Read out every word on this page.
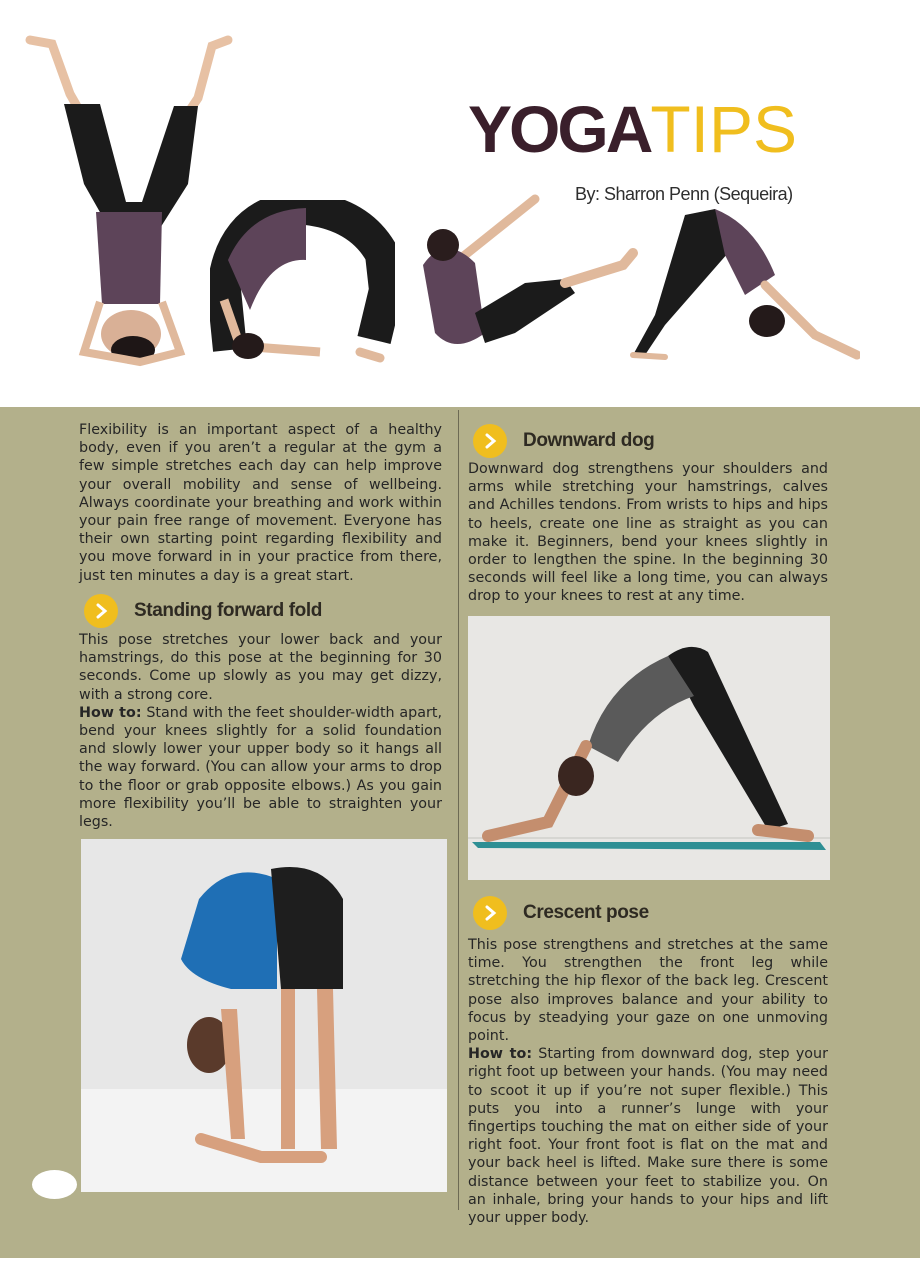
YOGATIPS
By: Sharron Penn (Sequeira)
Flexibility is an important aspect of a healthy body, even if you aren’t a regular at the gym a few simple stretches each day can help improve your overall mobility and sense of wellbeing. Always coordinate your breathing and work within your pain free range of movement. Everyone has their own starting point regarding flexibility and you move forward in in your practice from there, just ten minutes a day is a great start.
Standing forward fold
This pose stretches your lower back and your hamstrings, do this pose at the beginning for 30 seconds. Come up slowly as you may get dizzy, with a strong core.
How to: Stand with the feet shoulder-width apart, bend your knees slightly for a solid foundation and slowly lower your upper body so it hangs all the way forward. (You can allow your arms to drop to the floor or grab opposite elbows.) As you gain more flexibility you’ll be able to straighten your legs.
Downward dog
Downward dog strengthens your shoulders and arms while stretching your hamstrings, calves and Achilles tendons. From wrists to hips and hips to heels, create one line as straight as you can make it. Beginners, bend your knees slightly in order to lengthen the spine. In the beginning 30 seconds will feel like a long time, you can always drop to your knees to rest at any time.
Crescent pose
This pose strengthens and stretches at the same time. You strengthen the front leg while stretching the hip flexor of the back leg. Crescent pose also improves balance and your ability to focus by steadying your gaze on one unmoving point.
How to: Starting from downward dog, step your right foot up between your hands. (You may need to scoot it up if you’re not super flexible.) This puts you into a runner’s lunge with your fingertips touching the mat on either side of your right foot. Your front foot is flat on the mat and your back heel is lifted. Make sure there is some distance between your feet to stabilize you. On an inhale, bring your hands to your hips and lift your upper body.
